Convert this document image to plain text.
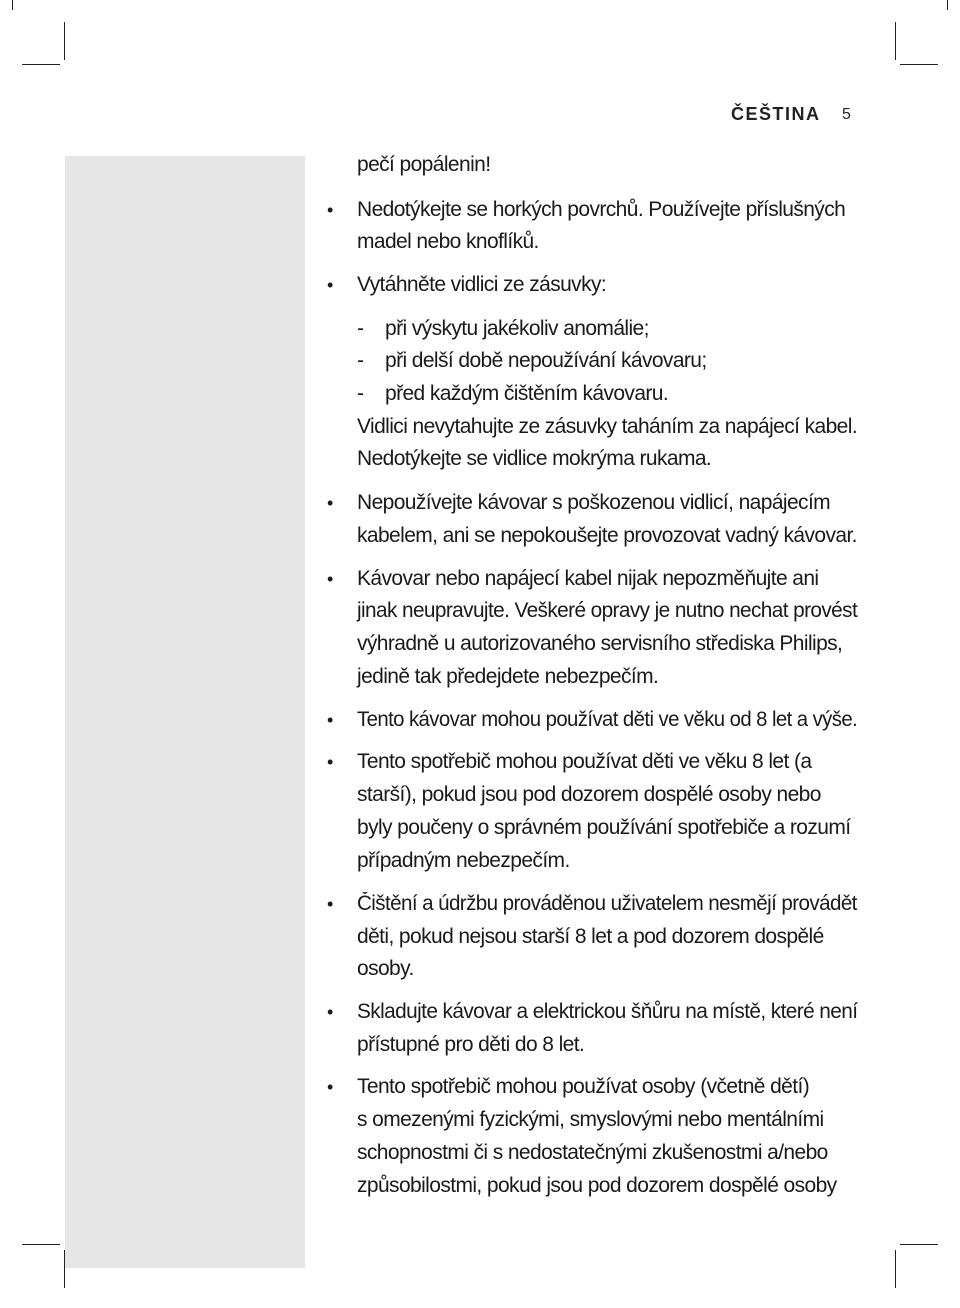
ČEŠTINA 5
pečí popálenin!
• Nedotýkejte se horkých povrchů. Používejte příslušných
madel nebo knoflíků.
• Vytáhněte vidlici ze zásuvky:
- při výskytu jakékoliv anomálie;
- při delší době nepoužívání kávovaru;
- před každým čištěním kávovaru.
Vidlici nevytahujte ze zásuvky taháním za napájecí kabel.
Nedotýkejte se vidlice mokrýma rukama.
• Nepoužívejte kávovar s poškozenou vidlicí, napájecím
kabelem, ani se nepokoušejte provozovat vadný kávovar.
• Kávovar nebo napájecí kabel nijak nepozměňujte ani
jinak neupravujte. Veškeré opravy je nutno nechat provést
výhradně u autorizovaného servisního střediska Philips,
jedině tak předejdete nebezpečím.
• Tento kávovar mohou používat děti ve věku od 8 let a výše.
• Tento spotřebič mohou používat děti ve věku 8 let (a
starší), pokud jsou pod dozorem dospělé osoby nebo
byly poučeny o správném používání spotřebiče a rozumí
případným nebezpečím.
• Čištění a údržbu prováděnou uživatelem nesmějí provádět
děti, pokud nejsou starší 8 let a pod dozorem dospělé
osoby.
• Skladujte kávovar a elektrickou šňůru na místě, které není
přístupné pro děti do 8 let.
• Tento spotřebič mohou používat osoby (včetně dětí)
s omezenými fyzickými, smyslovými nebo mentálními
schopnostmi či s nedostatečnými zkušenostmi a/nebo
způsobilostmi, pokud jsou pod dozorem dospělé osoby
